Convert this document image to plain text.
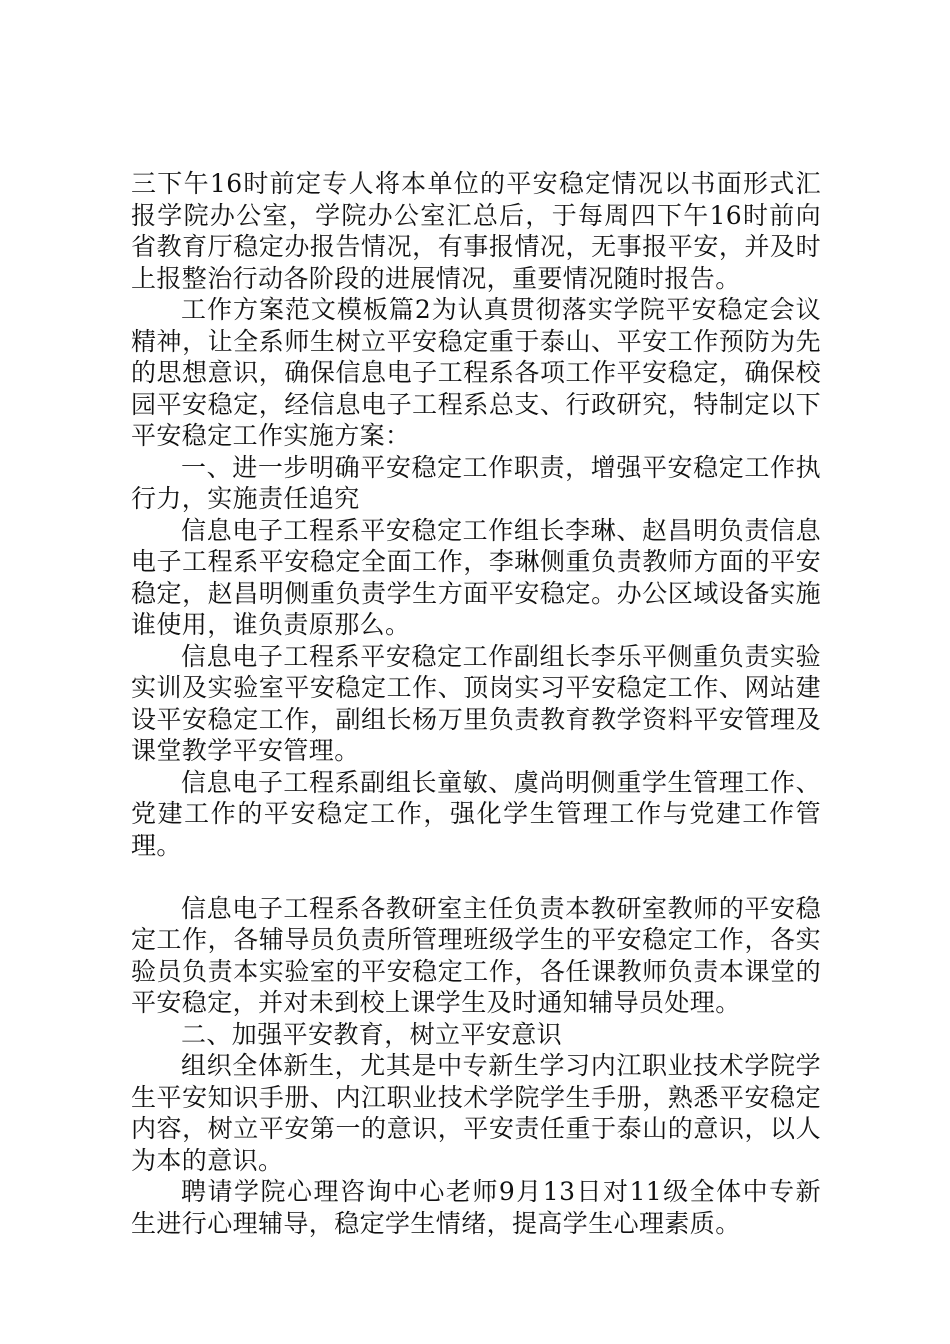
三下午16时前定专人将本单位的平安稳定情况以书面形式汇报学院办公室，学院办公室汇总后，于每周四下午16时前向省教育厅稳定办报告情况，有事报情况，无事报平安，并及时上报整治行动各阶段的进展情况，重要情况随时报告。

工作方案范文模板篇2为认真贯彻落实学院平安稳定会议精神，让全系师生树立平安稳定重于泰山、平安工作预防为先的思想意识，确保信息电子工程系各项工作平安稳定，确保校园平安稳定，经信息电子工程系总支、行政研究，特制定以下平安稳定工作实施方案：

一、进一步明确平安稳定工作职责，增强平安稳定工作执行力，实施责任追究

信息电子工程系平安稳定工作组长李琳、赵昌明负责信息电子工程系平安稳定全面工作，李琳侧重负责教师方面的平安稳定，赵昌明侧重负责学生方面平安稳定。办公区域设备实施谁使用，谁负责原那么。

信息电子工程系平安稳定工作副组长李乐平侧重负责实验实训及实验室平安稳定工作、顶岗实习平安稳定工作、网站建设平安稳定工作，副组长杨万里负责教育教学资料平安管理及课堂教学平安管理。

信息电子工程系副组长童敏、虞尚明侧重学生管理工作、党建工作的平安稳定工作，强化学生管理工作与党建工作管理。

信息电子工程系各教研室主任负责本教研室教师的平安稳定工作，各辅导员负责所管理班级学生的平安稳定工作，各实验员负责本实验室的平安稳定工作，各任课教师负责本课堂的平安稳定，并对未到校上课学生及时通知辅导员处理。

二、加强平安教育，树立平安意识

组织全体新生，尤其是中专新生学习内江职业技术学院学生平安知识手册、内江职业技术学院学生手册，熟悉平安稳定内容，树立平安第一的意识，平安责任重于泰山的意识，以人为本的意识。

聘请学院心理咨询中心老师9月13日对11级全体中专新生进行心理辅导，稳定学生情绪，提高学生心理素质。
